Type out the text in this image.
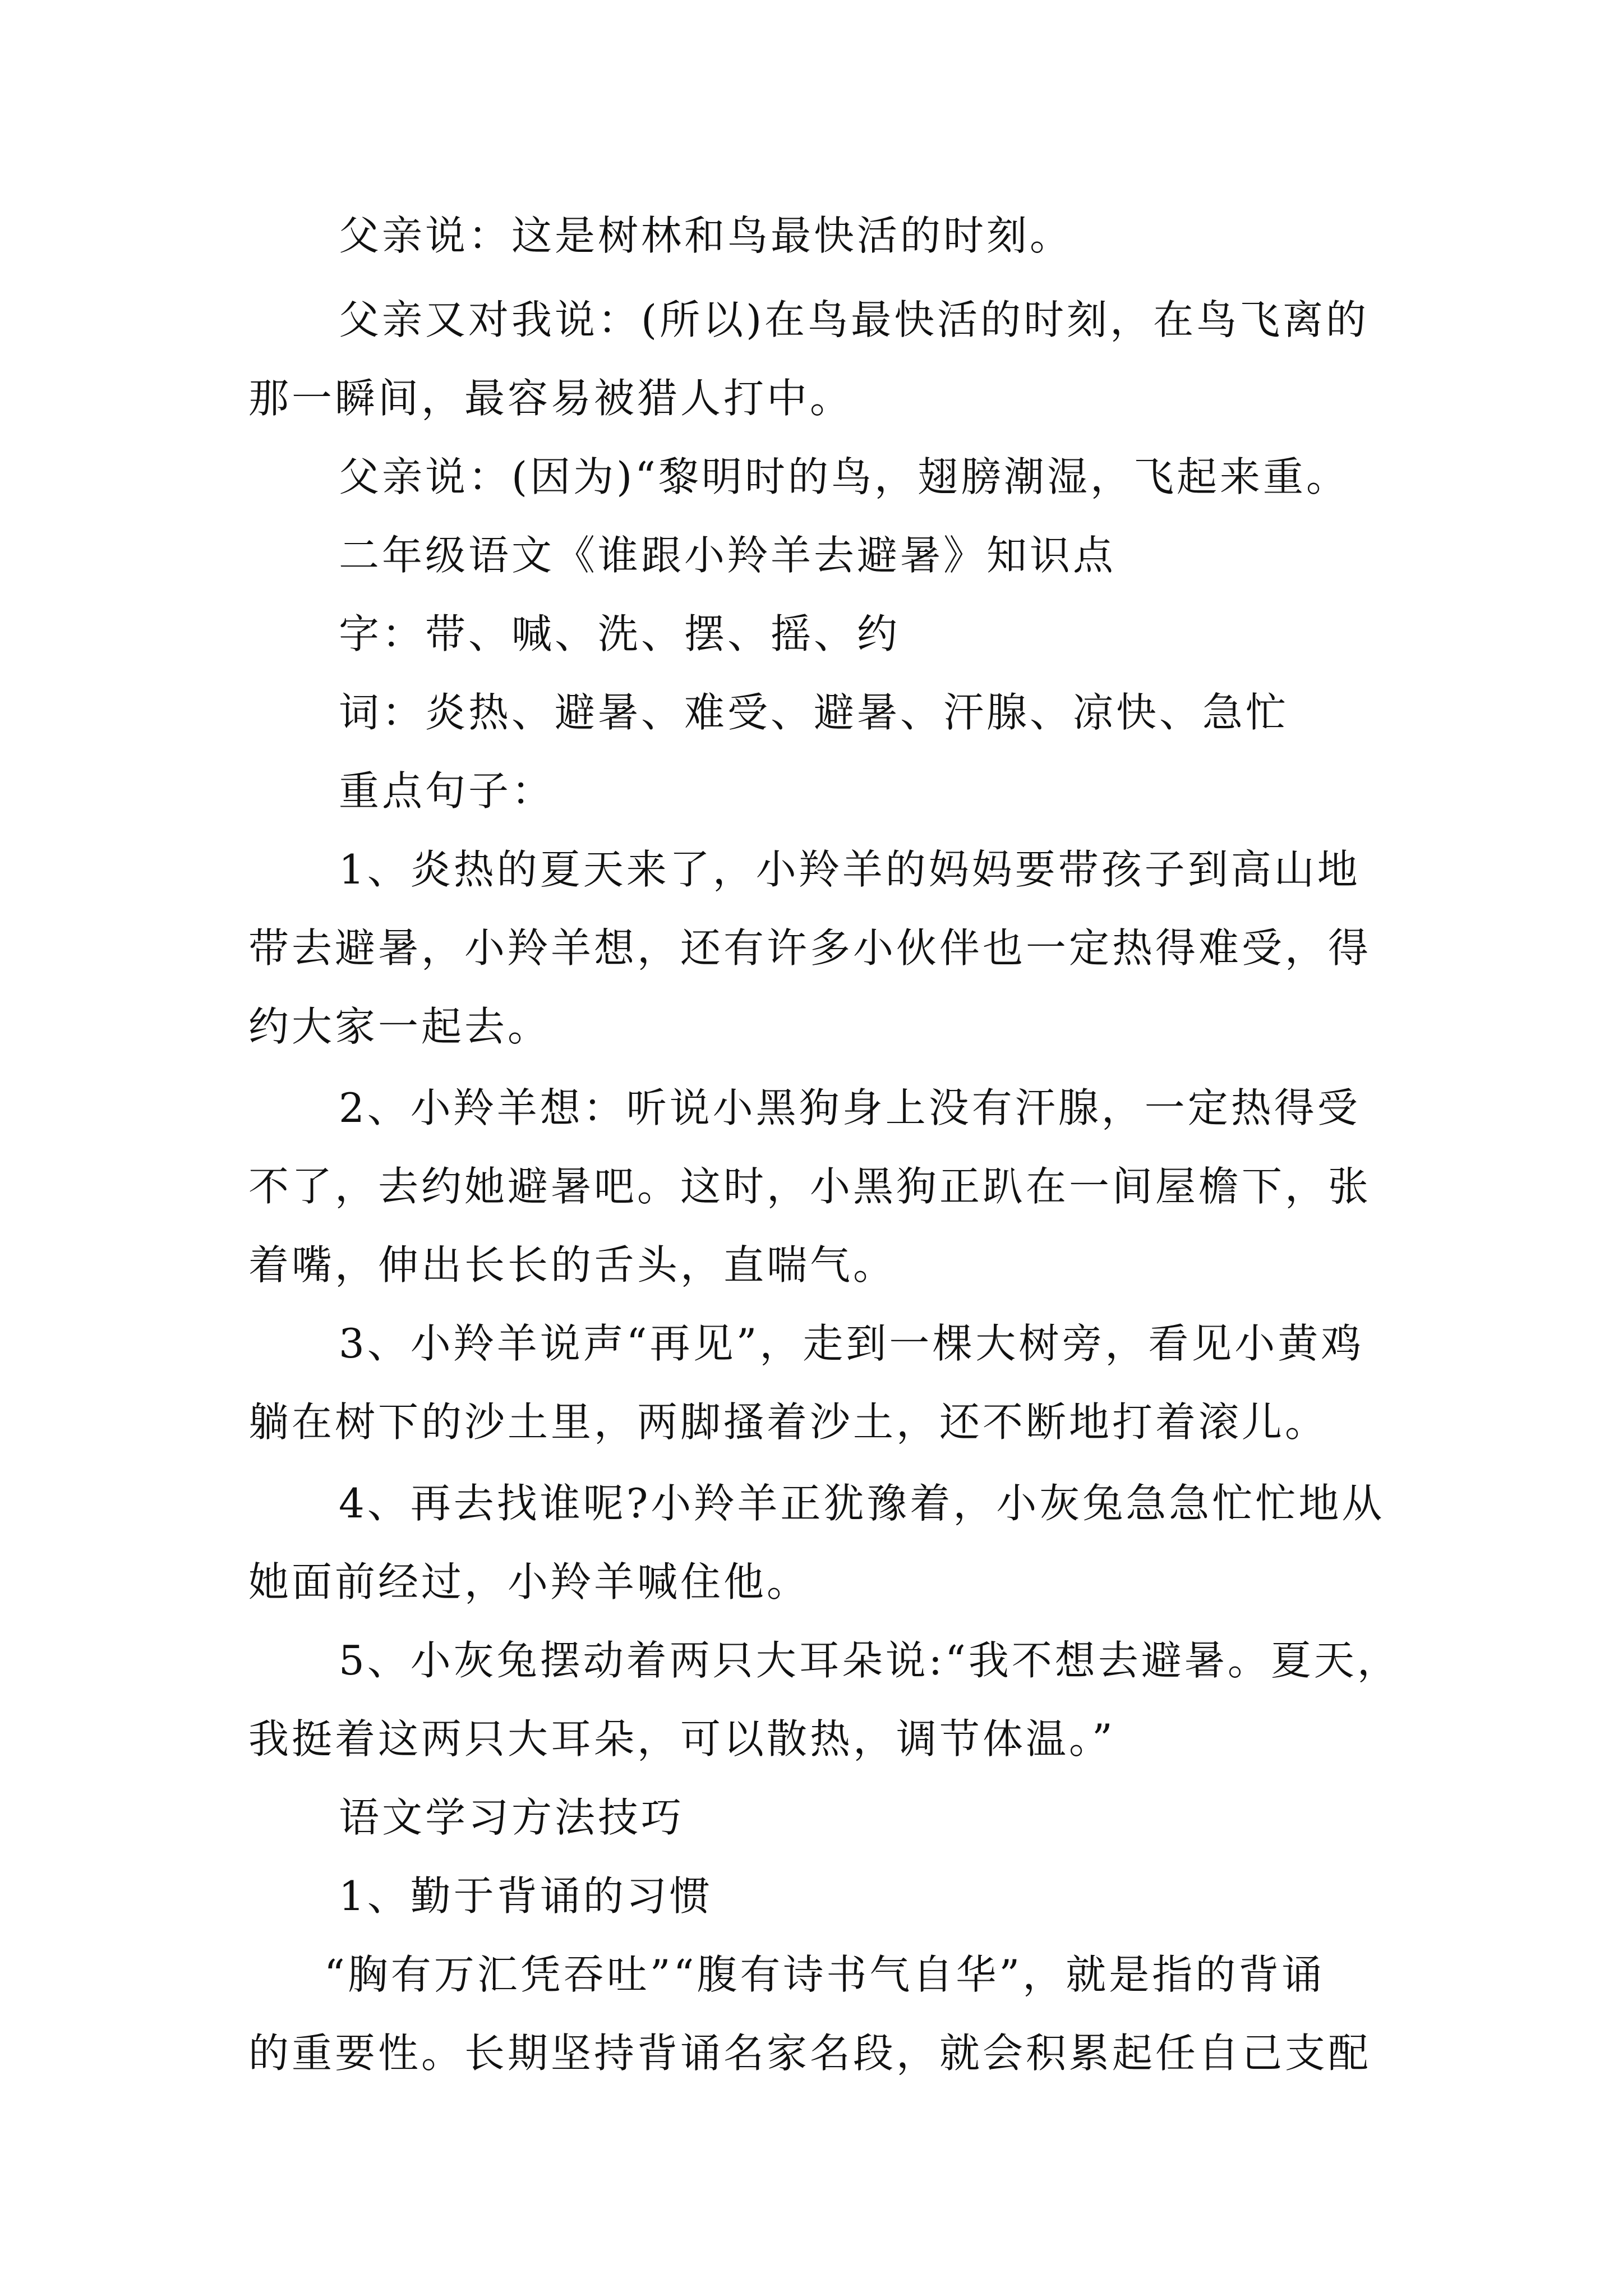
父亲说：这是树林和鸟最快活的时刻。
父亲又对我说：(所以)在鸟最快活的时刻，在鸟飞离的
那一瞬间，最容易被猎人打中。
父亲说：(因为)“黎明时的鸟，翅膀潮湿，飞起来重。
二年级语文《谁跟小羚羊去避暑》知识点
字：带、喊、洗、摆、摇、约
词：炎热、避暑、难受、避暑、汗腺、凉快、急忙
重点句子：
1、炎热的夏天来了，小羚羊的妈妈要带孩子到高山地
带去避暑，小羚羊想，还有许多小伙伴也一定热得难受，得
约大家一起去。
2、小羚羊想：听说小黑狗身上没有汗腺，一定热得受
不了，去约她避暑吧。这时，小黑狗正趴在一间屋檐下，张
着嘴，伸出长长的舌头，直喘气。
3、小羚羊说声“再见”，走到一棵大树旁，看见小黄鸡
躺在树下的沙土里，两脚搔着沙土，还不断地打着滚儿。
4、再去找谁呢?小羚羊正犹豫着，小灰兔急急忙忙地从
她面前经过，小羚羊喊住他。
5、小灰兔摆动着两只大耳朵说:“我不想去避暑。夏天，
我挺着这两只大耳朵，可以散热，调节体温。”
语文学习方法技巧
1、勤于背诵的习惯
“胸有万汇凭吞吐”“腹有诗书气自华”，就是指的背诵
的重要性。长期坚持背诵名家名段，就会积累起任自己支配
